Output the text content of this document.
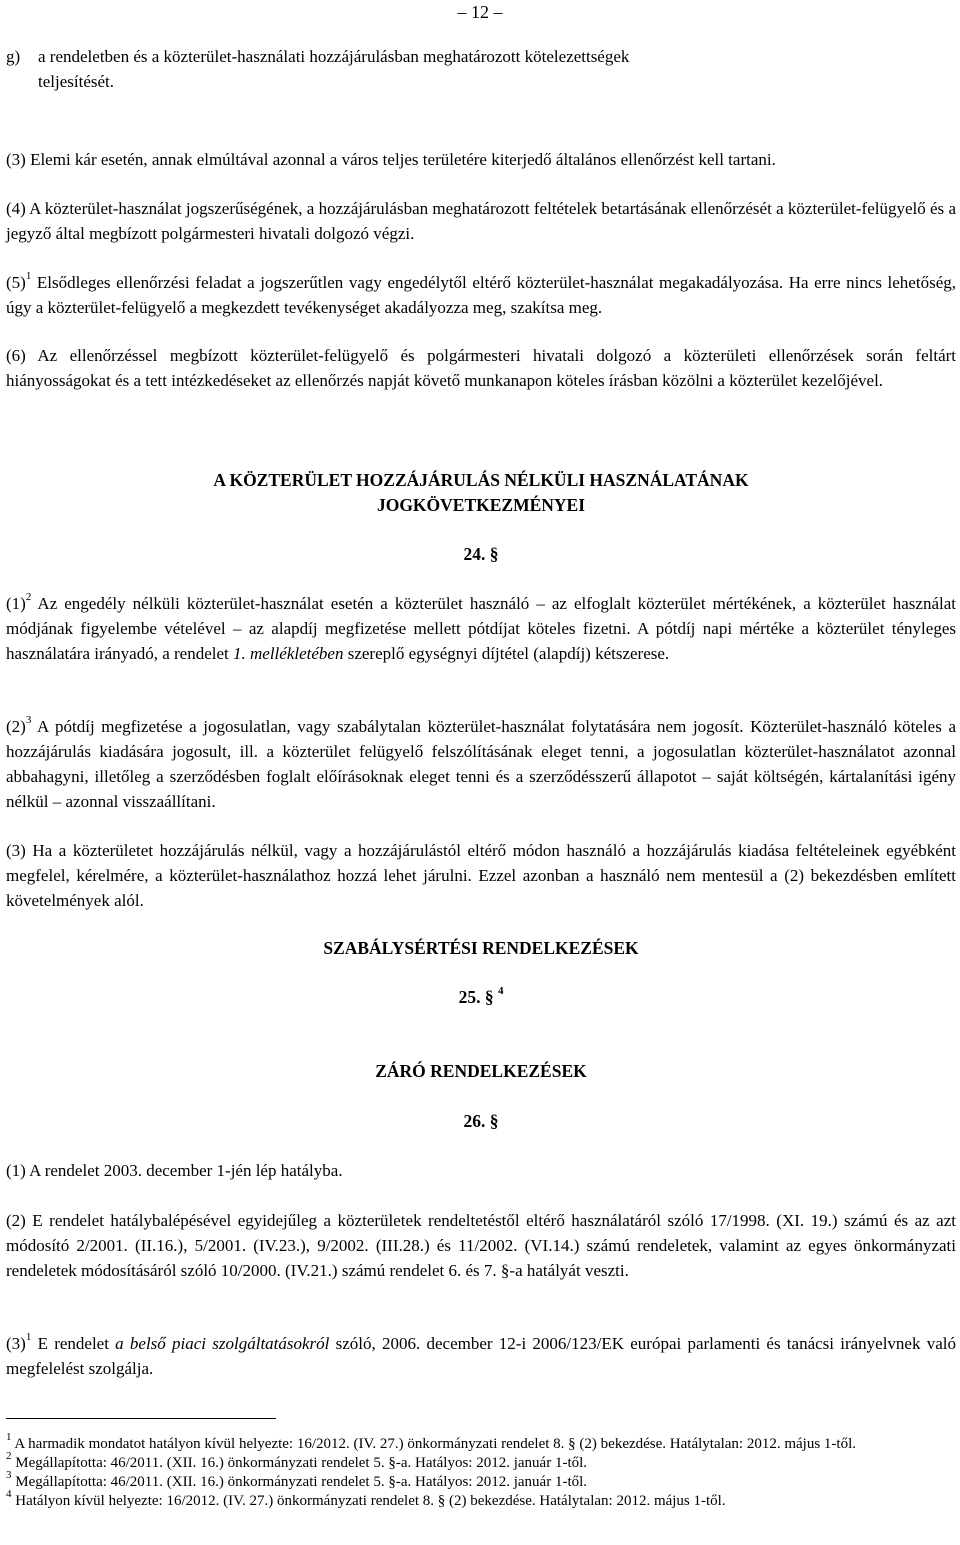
– 12 –
g) a rendeletben és a közterület-használati hozzájárulásban meghatározott kötelezettségek teljesítését.

(3) Elemi kár esetén, annak elmúltával azonnal a város teljes területére kiterjedő általános ellenőrzést kell tartani.

(4) A közterület-használat jogszerűségének, a hozzájárulásban meghatározott feltételek betartásának ellenőrzését a közterület-felügyelő és a jegyző által megbízott polgármesteri hivatali dolgozó végzi.

$(5)^1$ Elsődleges ellenőrzési feladat a jogszerűtlen vagy engedélytől eltérő közterület-használat megakadályozása. Ha erre nincs lehetőség, úgy a közterület-felügyelő a megkezdett tevékenységet akadályozza meg, szakítsa meg.

(6) Az ellenőrzéssel megbízott közterület-felügyelő és polgármesteri hivatali dolgozó a közterületi ellenőrzések során feltárt hiányosságokat és a tett intézkedéseket az ellenőrzés napját követő munkanapon köteles írásban közölni a közterület kezelőjével.

A KÖZTERÜLET HOZZÁJÁRULÁS NÉLKÜLI HASZNÁLATÁNAK
JOGKÖVETKEZMÉNYEI
24. §

$(1)^2$ Az engedély nélküli közterület-használat esetén a közterület használó – az elfoglalt közterület mértékének, a közterület használat módjának figyelembe vételével – az alapdíj megfizetése mellett pótdíjat köteles fizetni. A pótdíj napi mértéke a közterület tényleges használatára irányadó, a rendelet 1. mellékletében szereplő egységnyi díjtétel (alapdíj) kétszerese.

$(2)^3$ A pótdíj megfizetése a jogosulatlan, vagy szabálytalan közterület-használat folytatására nem jogosít. Közterület-használó köteles a hozzájárulás kiadására jogosult, ill. a közterület felügyelő felszólításának eleget tenni, a jogosulatlan közterület-használatot azonnal abbahagyni, illetőleg a szerződésben foglalt előírásoknak eleget tenni és a szerződésszerű állapotot – saját költségén, kártalanítási igény nélkül – azonnal visszaállítani.

(3) Ha a közterületet hozzájárulás nélkül, vagy a hozzájárulástól eltérő módon használó a hozzájárulás kiadása feltételeinek egyébként megfelel, kérelmére, a közterület-használathoz hozzá lehet járulni. Ezzel azonban a használó nem mentesül a (2) bekezdésben említett követelmények alól.

SZABÁLYSÉRTÉSI RENDELKEZÉSEK
25. § $^4$
ZÁRÓ RENDELKEZÉSEK
26. §

(1) A rendelet 2003. december 1-jén lép hatályba.

(2) E rendelet hatálybalépésével egyidejűleg a közterületek rendeltetéstől eltérő használatáról szóló 17/1998. (XI. 19.) számú és az azt módosító 2/2001. (II.16.), 5/2001. (IV.23.), 9/2002. (III.28.) és 11/2002. (VI.14.) számú rendeletek, valamint az egyes önkormányzati rendeletek módosításáról szóló 10/2000. (IV.21.) számú rendelet 6. és 7. §-a hatályát veszti.

$(3)^1$ E rendelet a belső piaci szolgáltatásokról szóló, 2006. december 12-i 2006/123/EK európai parlamenti és tanácsi irányelvnek való megfelelést szolgálja.

$^1$ A harmadik mondatot hatályon kívül helyezte: 16/2012. (IV. 27.) önkormányzati rendelet 8. § (2) bekezdése. Hatálytalan: 2012. május 1-től.
$^2$ Megállapította: 46/2011. (XII. 16.) önkormányzati rendelet 5. §-a. Hatályos: 2012. január 1-től.
$^3$ Megállapította: 46/2011. (XII. 16.) önkormányzati rendelet 5. §-a. Hatályos: 2012. január 1-től.
$^4$ Hatályon kívül helyezte: 16/2012. (IV. 27.) önkormányzati rendelet 8. § (2) bekezdése. Hatálytalan: 2012. május 1-től.
